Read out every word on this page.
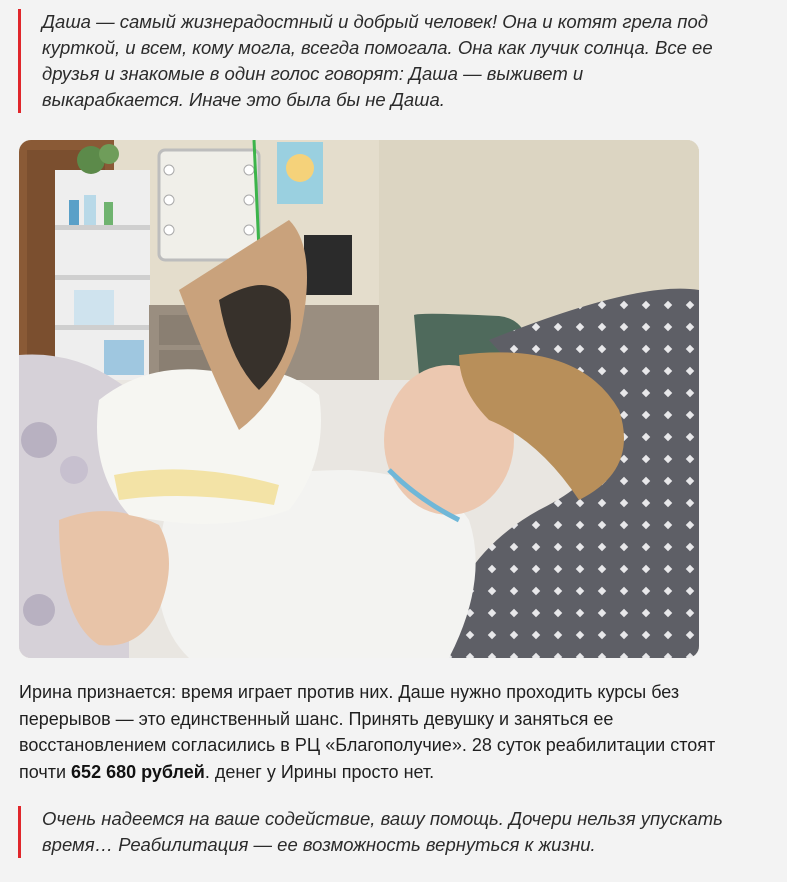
Даша — самый жизнерадостный и добрый человек! Она и котят грела под курткой, и всем, кому могла, всегда помогала. Она как лучик солнца. Все ее друзья и знакомые в один голос говорят: Даша — выживет и выкарабкается. Иначе это была бы не Даша.
Ирина признается: время играет против них. Даше нужно проходить курсы без перерывов — это единственный шанс. Принять девушку и заняться ее восстановлением согласились в РЦ «Благополучие». 28 суток реабилитации стоят почти 652 680 рублей. денег у Ирины просто нет.
Очень надеемся на ваше содействие, вашу помощь. Дочери нельзя упускать время… Реабилитация — ее возможность вернуться к жизни.
